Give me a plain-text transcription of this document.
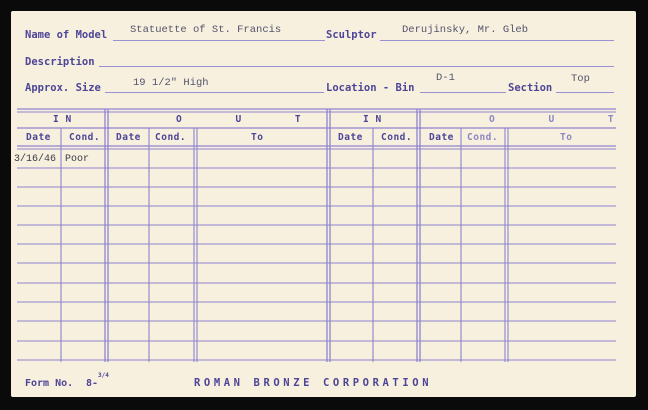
Name of Model Statuette of St. Francis	Sculptor Derujinsky, Mr. Gleb
Description
Approx. Size	19 1/2" High	Location - Bin
D-1
Section
Top
I N	O U T	I N	O U T
Date Cond. Date Cond.	To	Date Cond. Date Cond.	To
3/16/46 Poor
Form No. 8-
3/4
ROMAN BRONZE CORPORATION
